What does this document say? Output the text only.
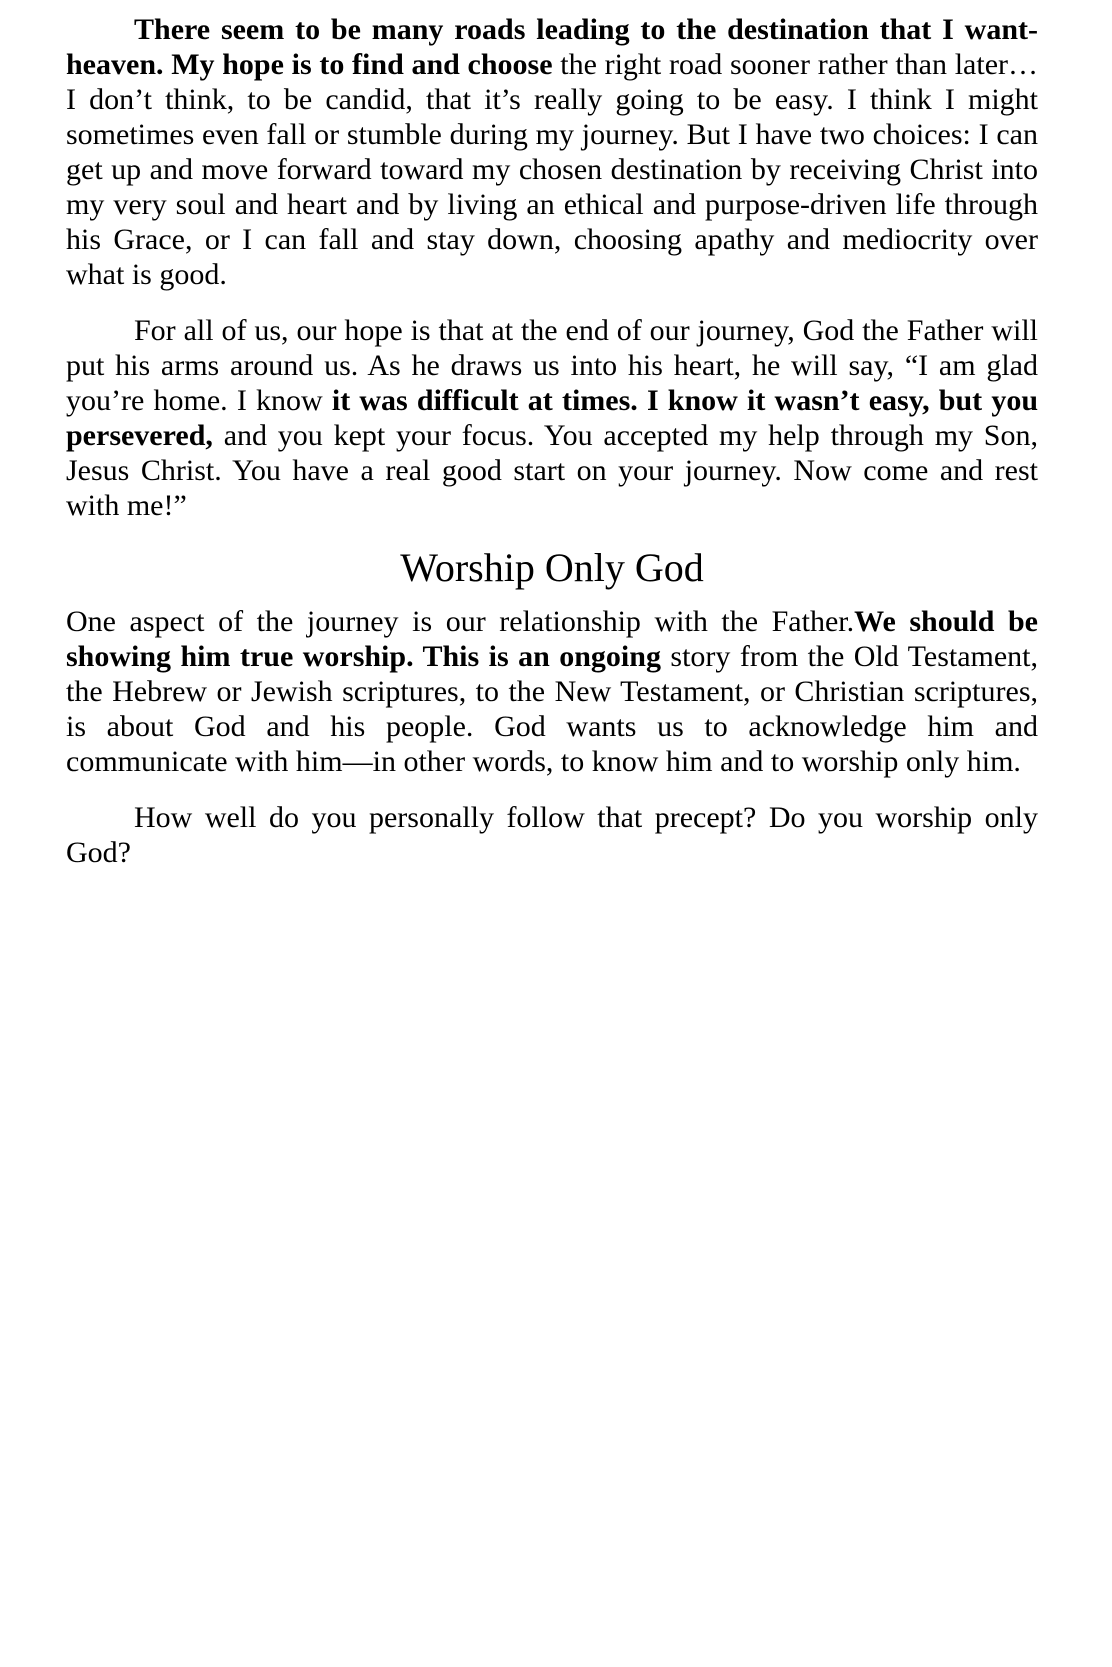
There seem to be many roads leading to the destination that I want-heaven. My hope is to find and choose the right road sooner rather than later… I don’t think, to be candid, that it’s really going to be easy. I think I might sometimes even fall or stumble during my journey. But I have two choices: I can get up and move forward toward my chosen destination by receiving Christ into my very soul and heart and by living an ethical and purpose-driven life through his Grace, or I can fall and stay down, choosing apathy and mediocrity over what is good.

For all of us, our hope is that at the end of our journey, God the Father will put his arms around us. As he draws us into his heart, he will say, “I am glad you’re home. I know it was difficult at times. I know it wasn’t easy, but you persevered, and you kept your focus. You accepted my help through my Son, Jesus Christ. You have a real good start on your journey. Now come and rest with me!”

Worship Only God

One aspect of the journey is our relationship with the Father.We should be showing him true worship. This is an ongoing story from the Old Testament, the Hebrew or Jewish scriptures, to the New Testament, or Christian scriptures, is about God and his people. God wants us to acknowledge him and communicate with him—in other words, to know him and to worship only him.

How well do you personally follow that precept? Do you worship only God?
